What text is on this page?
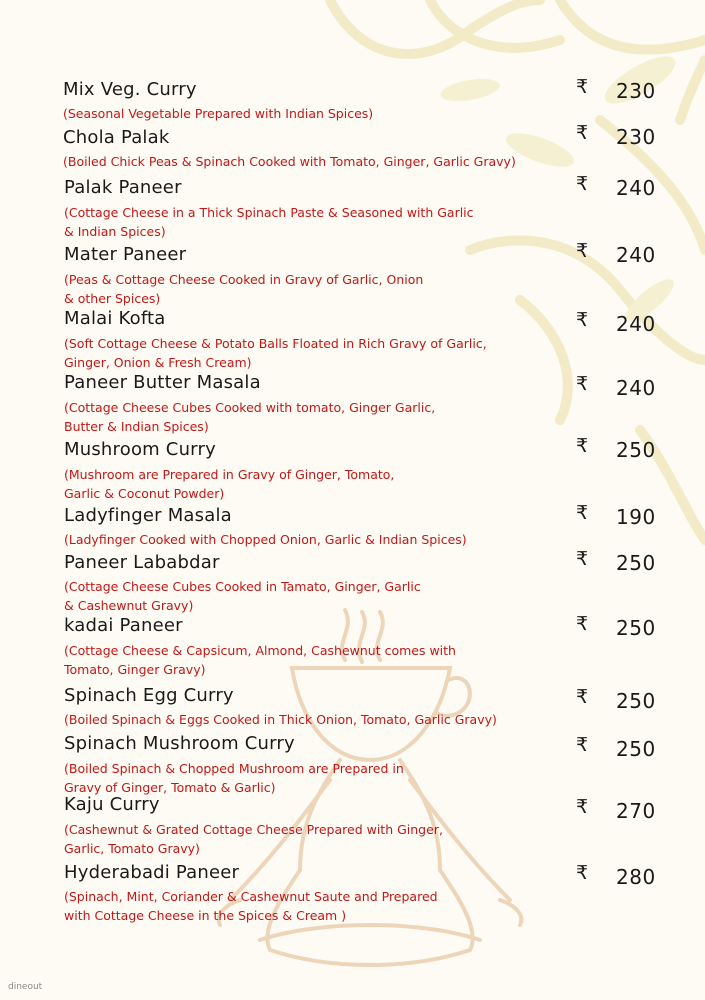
Mix Veg. Curry
(Seasonal Vegetable Prepared with Indian Spices)
₹ 230
Chola Palak
(Boiled Chick Peas & Spinach Cooked with Tomato, Ginger, Garlic Gravy)
₹ 230
Palak Paneer
(Cottage Cheese in a Thick Spinach Paste & Seasoned with Garlic
& Indian Spices)
₹ 240
Mater Paneer
(Peas & Cottage Cheese Cooked in Gravy of Garlic, Onion
& other Spices)
₹ 240
Malai Kofta
(Soft Cottage Cheese & Potato Balls Floated in Rich Gravy of Garlic,
Ginger, Onion & Fresh Cream)
₹ 240
Paneer Butter Masala
(Cottage Cheese Cubes Cooked with tomato, Ginger Garlic,
Butter & Indian Spices)
₹ 240
Mushroom Curry
(Mushroom are Prepared in Gravy of Ginger, Tomato,
Garlic & Coconut Powder)
₹ 250
Ladyfinger Masala
(Ladyfinger Cooked with Chopped Onion, Garlic & Indian Spices)
₹ 190
Paneer Lababdar
(Cottage Cheese Cubes Cooked in Tamato, Ginger, Garlic
& Cashewnut Gravy)
₹ 250
kadai Paneer
(Cottage Cheese & Capsicum, Almond, Cashewnut comes with
Tomato, Ginger Gravy)
₹ 250
Spinach Egg Curry
(Boiled Spinach & Eggs Cooked in Thick Onion, Tomato, Garlic Gravy)
₹ 250
Spinach Mushroom Curry
(Boiled Spinach & Chopped Mushroom are Prepared in
Gravy of Ginger, Tomato & Garlic)
₹ 250
Kaju Curry
(Cashewnut & Grated Cottage Cheese Prepared with Ginger,
Garlic, Tomato Gravy)
₹ 270
Hyderabadi Paneer
(Spinach, Mint, Coriander & Cashewnut Saute and Prepared
with Cottage Cheese in the Spices & Cream )
₹ 280
dineout
